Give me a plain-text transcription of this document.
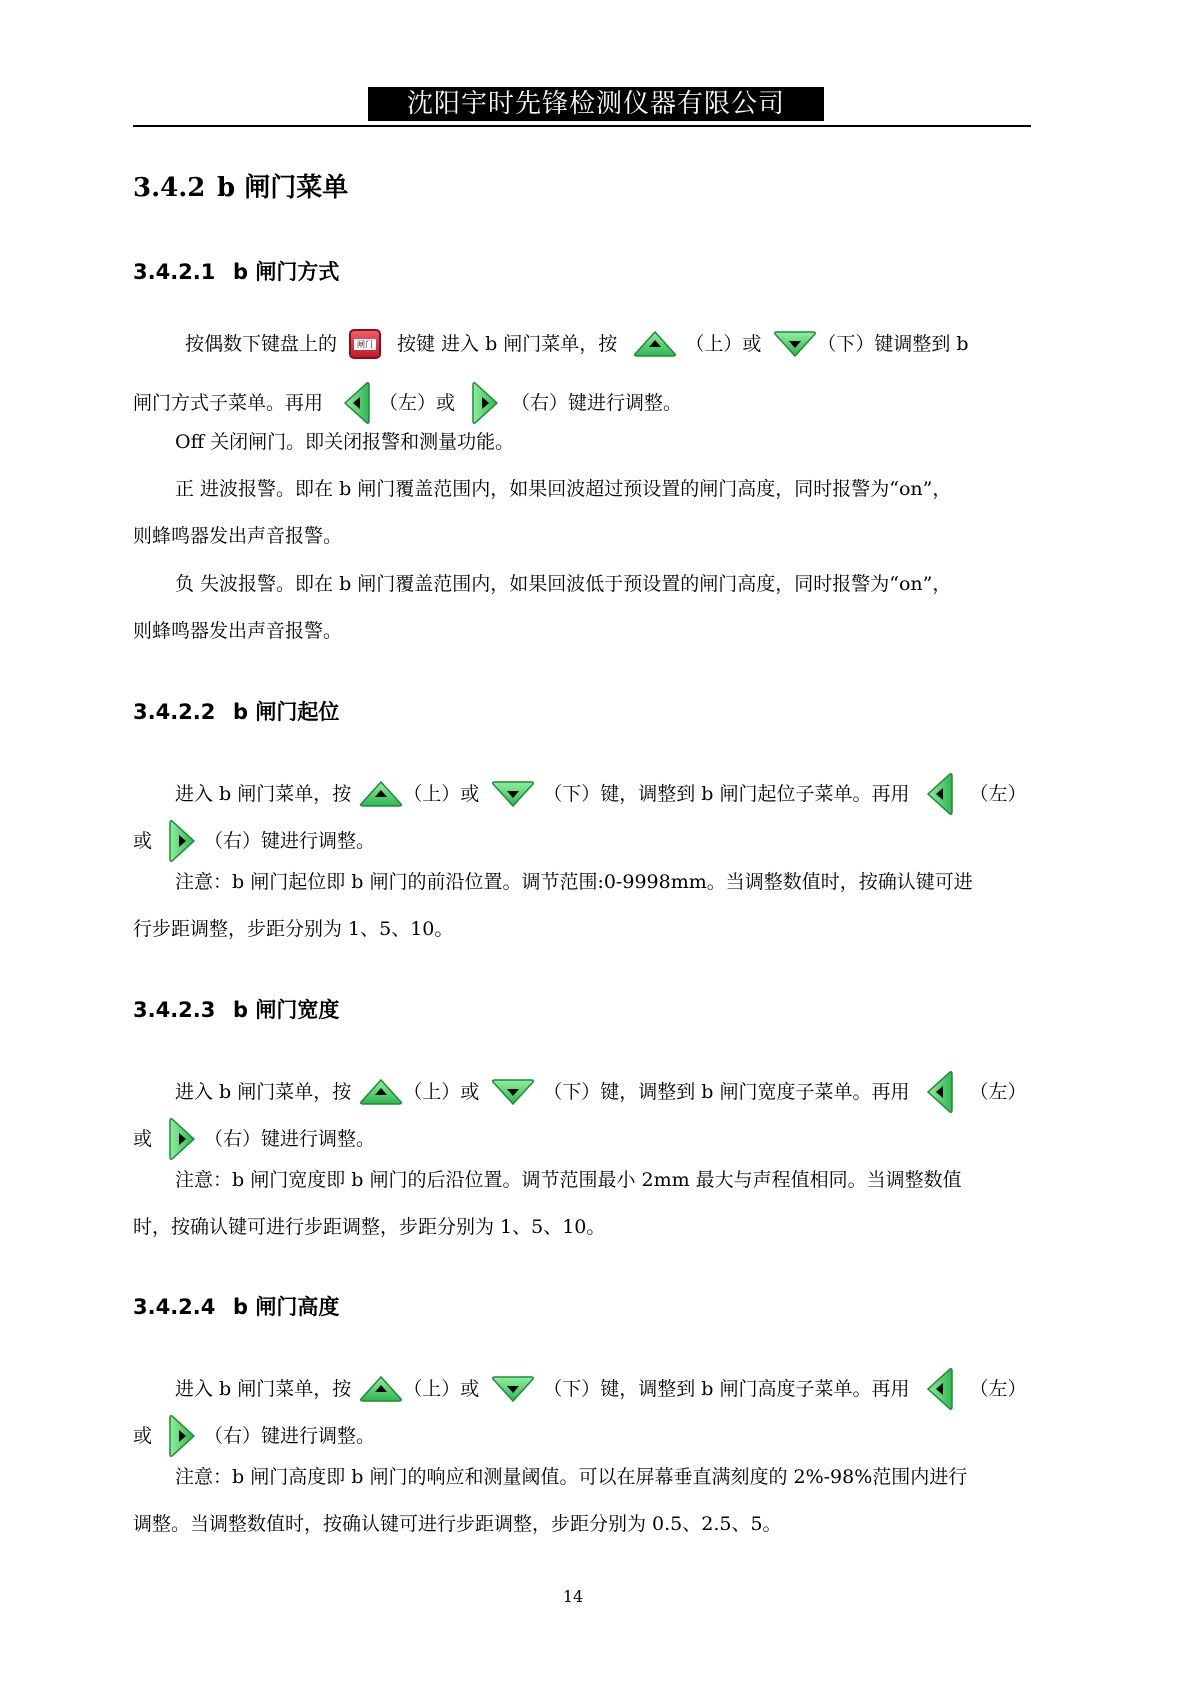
沈阳宇时先锋检测仪器有限公司
3.4.2 b 闸门菜单
3.4.2.1 b 闸门方式
按偶数下键盘上的	闸门 按键 进入 b 闸门菜单，按	（上）或	（下）键调整到 b
闸门方式子菜单。再用	（左）或	（右）键进行调整。
Off 关闭闸门。即关闭报警和测量功能。
正 进波报警。即在 b 闸门覆盖范围内，如果回波超过预设置的闸门高度，同时报警为“on”，
则蜂鸣器发出声音报警。
负 失波报警。即在 b 闸门覆盖范围内，如果回波低于预设置的闸门高度，同时报警为“on”，
则蜂鸣器发出声音报警。
3.4.2.2 b 闸门起位
进入 b 闸门菜单，按	（上）或	（下）键，调整到 b 闸门起位子菜单。再用	（左）
或	（右）键进行调整。
注意：b 闸门起位即 b 闸门的前沿位置。调节范围:0-9998mm。当调整数值时，按确认键可进
行步距调整，步距分别为 1、5、10。
3.4.2.3 b 闸门宽度
进入 b 闸门菜单，按	（上）或	（下）键，调整到 b 闸门宽度子菜单。再用	（左）
或	（右）键进行调整。
注意：b 闸门宽度即 b 闸门的后沿位置。调节范围最小 2mm 最大与声程值相同。当调整数值
时，按确认键可进行步距调整，步距分别为 1、5、10。
3.4.2.4 b 闸门高度
进入 b 闸门菜单，按	（上）或	（下）键，调整到 b 闸门高度子菜单。再用	（左）
或	（右）键进行调整。
注意：b 闸门高度即 b 闸门的响应和测量阈值。可以在屏幕垂直满刻度的 2%-98%范围内进行
调整。当调整数值时，按确认键可进行步距调整，步距分别为 0.5、2.5、5。
14
